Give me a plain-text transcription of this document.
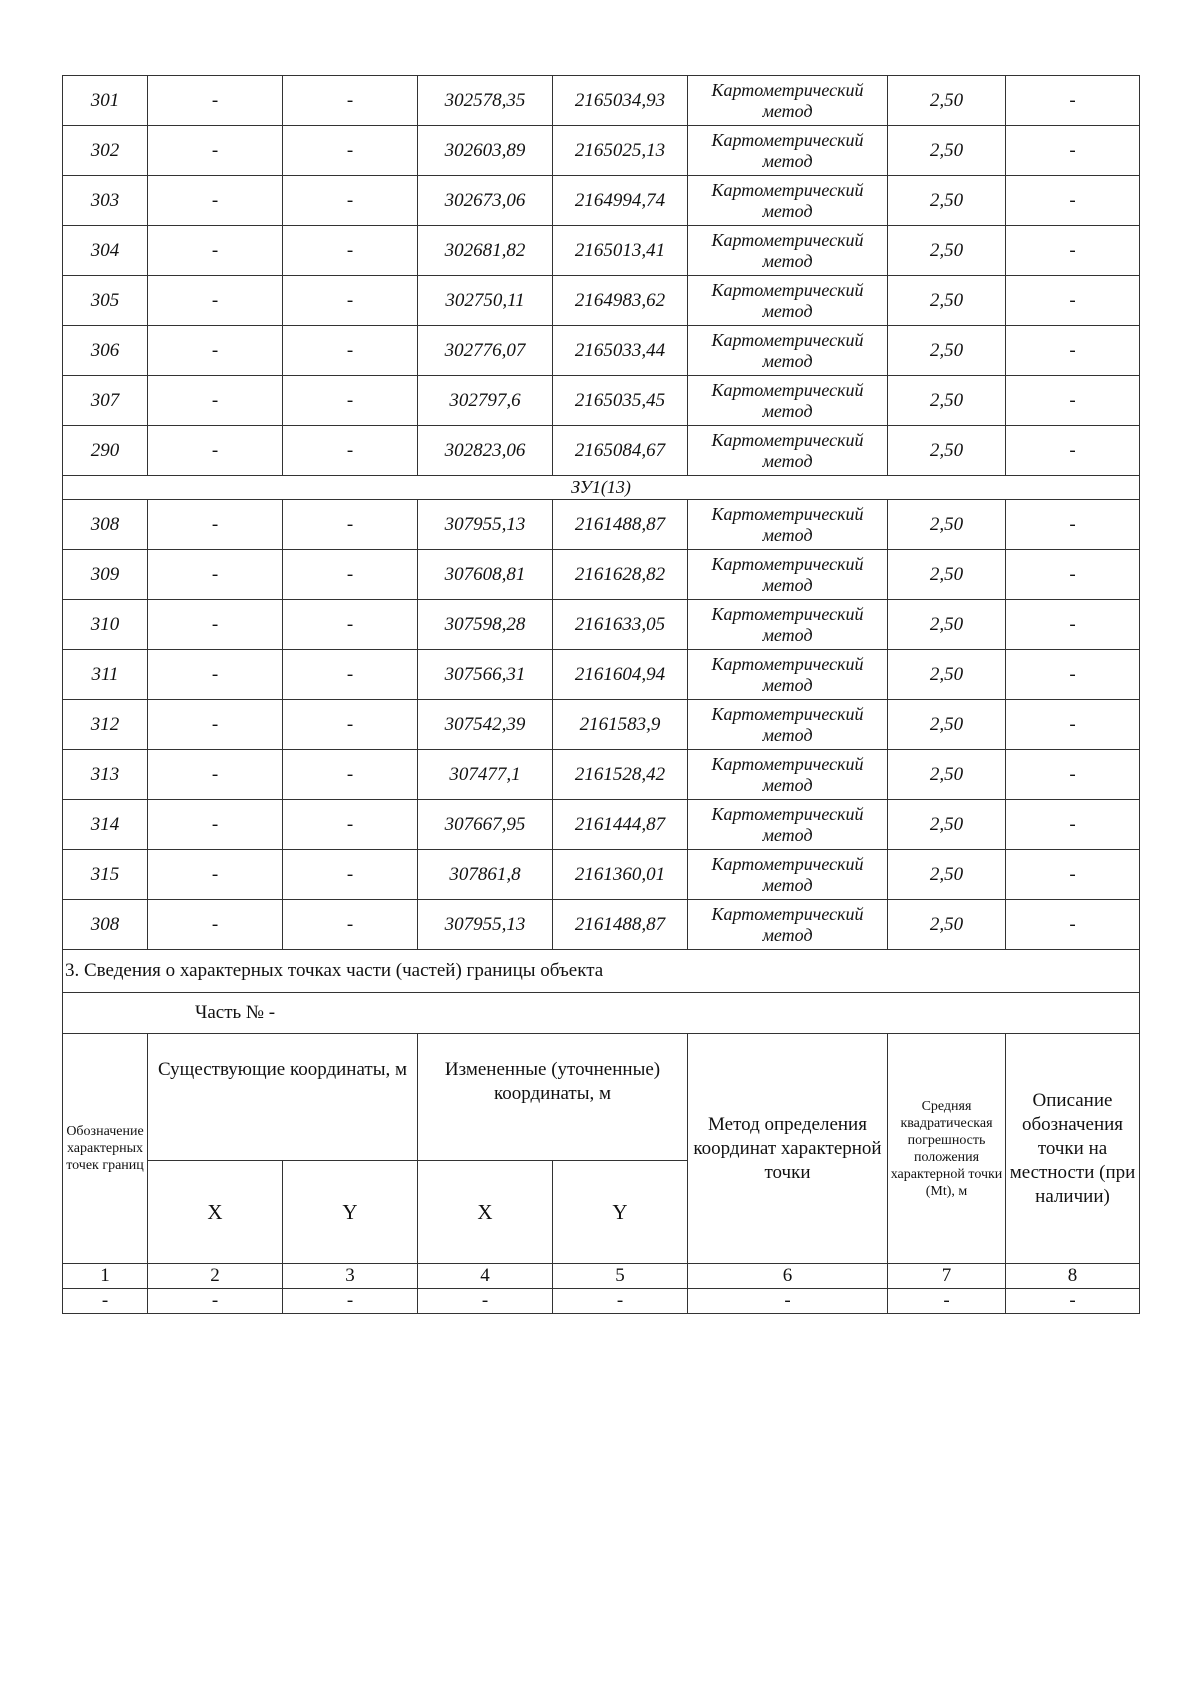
301	-	-	302578,35	2165034,93	Картометрический метод	2,50	-
302	-	-	302603,89	2165025,13	Картометрический метод	2,50	-
303	-	-	302673,06	2164994,74	Картометрический метод	2,50	-
304	-	-	302681,82	2165013,41	Картометрический метод	2,50	-
305	-	-	302750,11	2164983,62	Картометрический метод	2,50	-
306	-	-	302776,07	2165033,44	Картометрический метод	2,50	-
307	-	-	302797,6	2165035,45	Картометрический метод	2,50	-
290	-	-	302823,06	2165084,67	Картометрический метод	2,50	-
ЗУ1(13)							
308	-	-	307955,13	2161488,87	Картометрический метод	2,50	-
309	-	-	307608,81	2161628,82	Картометрический метод	2,50	-
310	-	-	307598,28	2161633,05	Картометрический метод	2,50	-
311	-	-	307566,31	2161604,94	Картометрический метод	2,50	-
312	-	-	307542,39	2161583,9	Картометрический метод	2,50	-
313	-	-	307477,1	2161528,42	Картометрический метод	2,50	-
314	-	-	307667,95	2161444,87	Картометрический метод	2,50	-
315	-	-	307861,8	2161360,01	Картометрический метод	2,50	-
308	-	-	307955,13	2161488,87	Картометрический метод	2,50	-
3. Сведения о характерных точках части (частей) границы объекта							
Часть № -							
Обозначение характерных точек границ	Существующие координаты, м		Измененные (уточненные) координаты, м		Метод определения координат характерной точки	Средняя квадратическая погрешность положения характерной точки (Mt), м	Описание обозначения точки на местности (при наличии)
	X	Y	X	Y			
1	2	3	4	5	6	7	8
-	-	-	-	-	-	-	-
